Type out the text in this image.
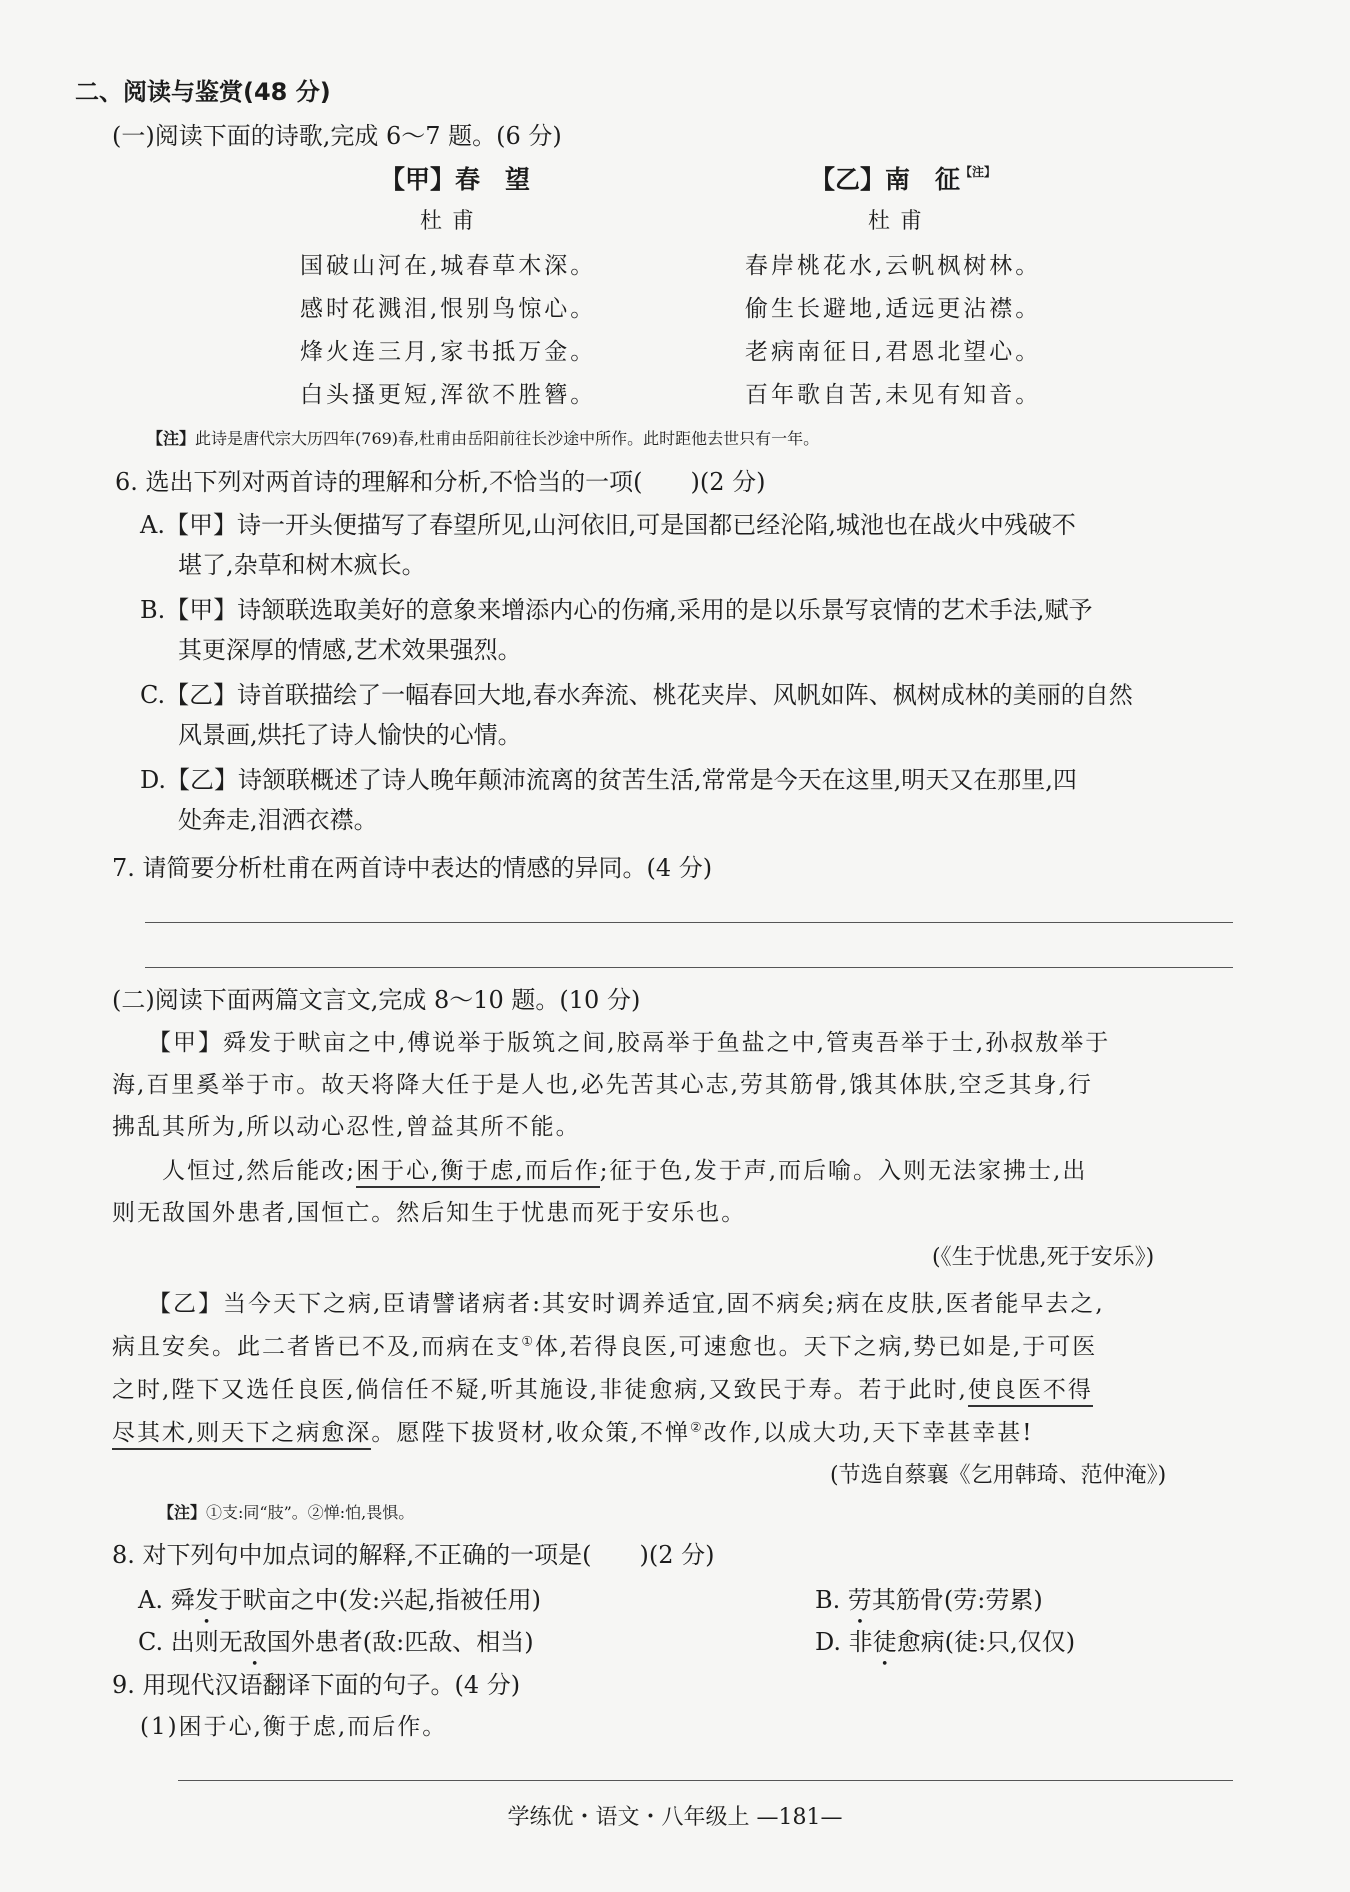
二、阅读与鉴赏(48 分)
(一)阅读下面的诗歌,完成 6～7 题。(6 分)
【甲】春　望
杜甫
国破山河在,城春草木深。
感时花溅泪,恨别鸟惊心。
烽火连三月,家书抵万金。
白头搔更短,浑欲不胜簪。
【乙】南　征$^{【注】}$
杜甫
春岸桃花水,云帆枫树林。
偷生长避地,适远更沾襟。
老病南征日,君恩北望心。
百年歌自苦,未见有知音。
【注】此诗是唐代宗大历四年(769)春,杜甫由岳阳前往长沙途中所作。此时距他去世只有一年。
6. 选出下列对两首诗的理解和分析,不恰当的一项(　　)(2 分)
A.【甲】诗一开头便描写了春望所见,山河依旧,可是国都已经沦陷,城池也在战火中残破不
堪了,杂草和树木疯长。
B.【甲】诗颔联选取美好的意象来增添内心的伤痛,采用的是以乐景写哀情的艺术手法,赋予
其更深厚的情感,艺术效果强烈。
C.【乙】诗首联描绘了一幅春回大地,春水奔流、桃花夹岸、风帆如阵、枫树成林的美丽的自然
风景画,烘托了诗人愉快的心情。
D.【乙】诗颔联概述了诗人晚年颠沛流离的贫苦生活,常常是今天在这里,明天又在那里,四
处奔走,泪洒衣襟。
7. 请简要分析杜甫在两首诗中表达的情感的异同。(4 分)
(二)阅读下面两篇文言文,完成 8～10 题。(10 分)
【甲】舜发于畎亩之中,傅说举于版筑之间,胶鬲举于鱼盐之中,管夷吾举于士,孙叔敖举于
海,百里奚举于市。故天将降大任于是人也,必先苦其心志,劳其筋骨,饿其体肤,空乏其身,行
拂乱其所为,所以动心忍性,曾益其所不能。
人恒过,然后能改;困于心,衡于虑,而后作;征于色,发于声,而后喻。入则无法家拂士,出
则无敌国外患者,国恒亡。然后知生于忧患而死于安乐也。
(《生于忧患,死于安乐》)
【乙】当今天下之病,臣请譬诸病者:其安时调养适宜,固不病矣;病在皮肤,医者能早去之,
病且安矣。此二者皆已不及,而病在支①体,若得良医,可速愈也。天下之病,势已如是,于可医
之时,陛下又选任良医,倘信任不疑,听其施设,非徒愈病,又致民于寿。若于此时,使良医不得
尽其术,则天下之病愈深。愿陛下拔贤材,收众策,不惮②改作,以成大功,天下幸甚幸甚!
(节选自蔡襄《乞用韩琦、范仲淹》)
【注】①支:同“肢”。②惮:怕,畏惧。
8. 对下列句中加点词的解释,不正确的一项是(　　)(2 分)
A. 舜发于畎亩之中(发:兴起,指被任用)	B. 劳其筋骨(劳:劳累)
C. 出则无敌国外患者(敌:匹敌、相当)	D. 非徒愈病(徒:只,仅仅)
9. 用现代汉语翻译下面的句子。(4 分)
(1)困于心,衡于虑,而后作。
学练优・语文・八年级上 —181—
